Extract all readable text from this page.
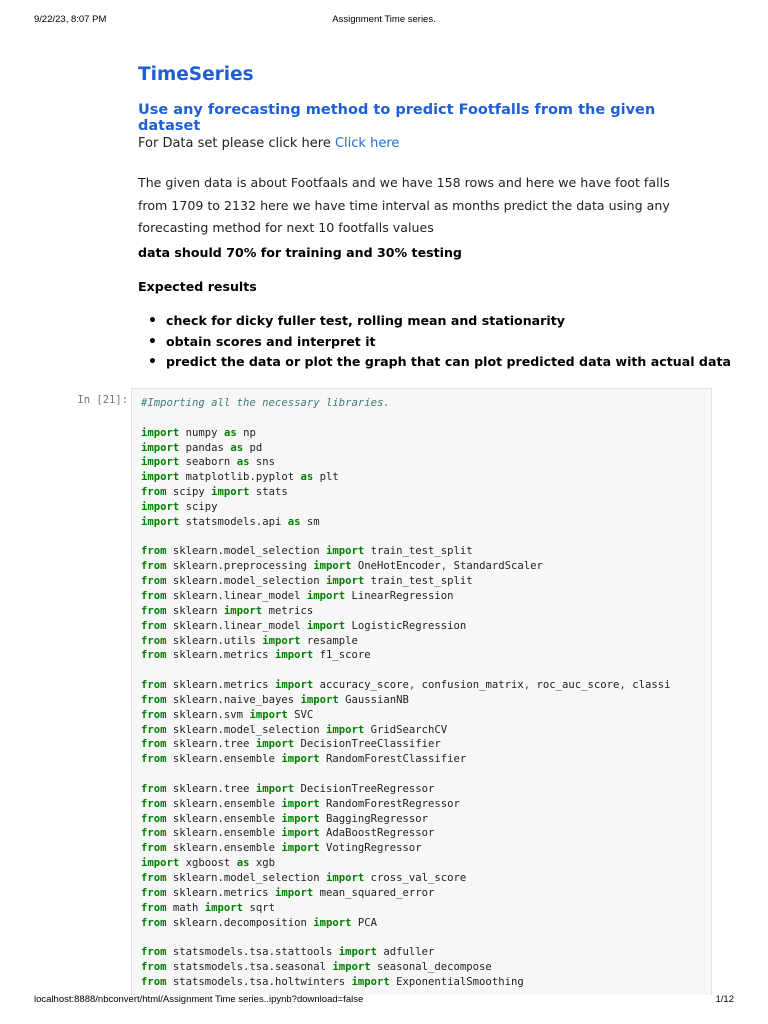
9/22/23, 8:07 PM	Assignment Time series.
TimeSeries
Use any forecasting method to predict Footfalls from the given dataset
For Data set please click here Click here
The given data is about Footfaals and we have 158 rows and here we have foot falls from 1709 to 2132 here we have time interval as months predict the data using any forecasting method for next 10 footfalls values
data should 70% for training and 30% testing
Expected results
• check for dicky fuller test, rolling mean and stationarity
• obtain scores and interpret it
• predict the data or plot the graph that can plot predicted data with actual data
In [21]: #Importing all the necessary libraries.

import numpy as np
import pandas as pd
import seaborn as sns
import matplotlib.pyplot as plt
from scipy import stats
import scipy
import statsmodels.api as sm

from sklearn.model_selection import train_test_split
from sklearn.preprocessing import OneHotEncoder, StandardScaler
from sklearn.model_selection import train_test_split
from sklearn.linear_model import LinearRegression
from sklearn import metrics
from sklearn.linear_model import LogisticRegression
from sklearn.utils import resample
from sklearn.metrics import f1_score

from sklearn.metrics import accuracy_score, confusion_matrix, roc_auc_score, classi
from sklearn.naive_bayes import GaussianNB
from sklearn.svm import SVC
from sklearn.model_selection import GridSearchCV
from sklearn.tree import DecisionTreeClassifier
from sklearn.ensemble import RandomForestClassifier

from sklearn.tree import DecisionTreeRegressor
from sklearn.ensemble import RandomForestRegressor
from sklearn.ensemble import BaggingRegressor
from sklearn.ensemble import AdaBoostRegressor
from sklearn.ensemble import VotingRegressor
import xgboost as xgb
from sklearn.model_selection import cross_val_score
from sklearn.metrics import mean_squared_error
from math import sqrt
from sklearn.decomposition import PCA

from statsmodels.tsa.stattools import adfuller
from statsmodels.tsa.seasonal import seasonal_decompose
from statsmodels.tsa.holtwinters import ExponentialSmoothing
localhost:8888/nbconvert/html/Assignment Time series..ipynb?download=false	1/12
